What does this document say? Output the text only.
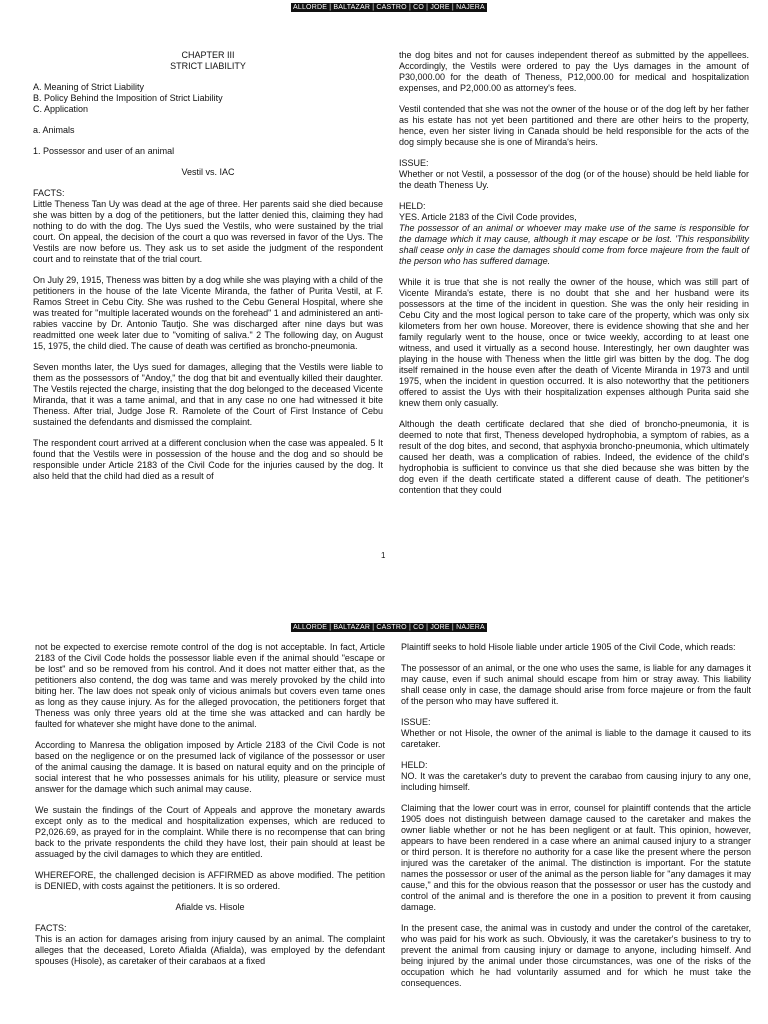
ALLORDE | BALTAZAR | CASTRO | CO | JORE | NAJERA
CHAPTER III

STRICT LIABILITY

A. Meaning of Strict Liability
B. Policy Behind the Imposition of Strict Liability
C. Application

a. Animals

1. Possessor and user of an animal

Vestil vs. IAC

FACTS:

Little Theness Tan Uy was dead at the age of three. Her parents said she died because she was bitten by a dog of the petitioners, but the latter denied this, claiming they had nothing to do with the dog. The Uys sued the Vestils, who were sustained by the trial court. On appeal, the decision of the court a quo was reversed in favor of the Uys. The Vestils are now before us. They ask us to set aside the judgment of the respondent court and to reinstate that of the trial court.

On July 29, 1915, Theness was bitten by a dog while she was playing with a child of the petitioners in the house of the late Vicente Miranda, the father of Purita Vestil, at F. Ramos Street in Cebu City. She was rushed to the Cebu General Hospital, where she was treated for "multiple lacerated wounds on the forehead" 1 and administered an anti-rabies vaccine by Dr. Antonio Tautjo. She was discharged after nine days but was readmitted one week later due to "vomiting of saliva." 2 The following day, on August 15, 1975, the child died. The cause of death was certified as broncho-pneumonia.

Seven months later, the Uys sued for damages, alleging that the Vestils were liable to them as the possessors of "Andoy," the dog that bit and eventually killed their daughter. The Vestils rejected the charge, insisting that the dog belonged to the deceased Vicente Miranda, that it was a tame animal, and that in any case no one had witnessed it bite Theness. After trial, Judge Jose R. Ramolete of the Court of First Instance of Cebu sustained the defendants and dismissed the complaint.

The respondent court arrived at a different conclusion when the case was appealed. 5 It found that the Vestils were in possession of the house and the dog and so should be responsible under Article 2183 of the Civil Code for the injuries caused by the dog. It also held that the child had died as a result of

the dog bites and not for causes independent thereof as submitted by the appellees. Accordingly, the Vestils were ordered to pay the Uys damages in the amount of P30,000.00 for the death of Theness, P12,000.00 for medical and hospitalization expenses, and P2,000.00 as attorney's fees.

Vestil contended that she was not the owner of the house or of the dog left by her father as his estate has not yet been partitioned and there are other heirs to the property, hence, even her sister living in Canada should be held responsible for the acts of the dog simply because she is one of Miranda's heirs.

ISSUE:

Whether or not Vestil, a possessor of the dog (or of the house) should be held liable for the death Theness Uy.

HELD:
YES. Article 2183 of the Civil Code provides,

The possessor of an animal or whoever may make use of the same is responsible for the damage which it may cause, although it may escape or be lost. 'This responsibility shall cease only in case the damages should come from force majeure from the fault of the person who has suffered damage.

While it is true that she is not really the owner of the house, which was still part of Vicente Miranda's estate, there is no doubt that she and her husband were its possessors at the time of the incident in question. She was the only heir residing in Cebu City and the most logical person to take care of the property, which was only six kilometers from her own house. Moreover, there is evidence showing that she and her family regularly went to the house, once or twice weekly, according to at least one witness, and used it virtually as a second house. Interestingly, her own daughter was playing in the house with Theness when the little girl was bitten by the dog. The dog itself remained in the house even after the death of Vicente Miranda in 1973 and until 1975, when the incident in question occurred. It is also noteworthy that the petitioners offered to assist the Uys with their hospitalization expenses although Purita said she knew them only casually.

Although the death certificate declared that she died of broncho-pneumonia, it is deemed to note that first, Theness developed hydrophobia, a symptom of rabies, as a result of the dog bites, and second, that asphyxia broncho-pneumonia, which ultimately caused her death, was a complication of rabies. Indeed, the evidence of the child's hydrophobia is sufficient to convince us that she died because she was bitten by the dog even if the death certificate stated a different cause of death. The petitioner's contention that they could

1
ALLORDE | BALTAZAR | CASTRO | CO | JORE | NAJERA

not be expected to exercise remote control of the dog is not acceptable. In fact, Article 2183 of the Civil Code holds the possessor liable even if the animal should "escape or be lost" and so be removed from his control. And it does not matter either that, as the petitioners also contend, the dog was tame and was merely provoked by the child into biting her. The law does not speak only of vicious animals but covers even tame ones as long as they cause injury. As for the alleged provocation, the petitioners forget that Theness was only three years old at the time she was attacked and can hardly be faulted for whatever she might have done to the animal.

According to Manresa the obligation imposed by Article 2183 of the Civil Code is not based on the negligence or on the presumed lack of vigilance of the possessor or user of the animal causing the damage. It is based on natural equity and on the principle of social interest that he who possesses animals for his utility, pleasure or service must answer for the damage which such animal may cause.

We sustain the findings of the Court of Appeals and approve the monetary awards except only as to the medical and hospitalization expenses, which are reduced to P2,026.69, as prayed for in the complaint. While there is no recompense that can bring back to the private respondents the child they have lost, their pain should at least be assuaged by the civil damages to which they are entitled.

WHEREFORE, the challenged decision is AFFIRMED as above modified. The petition is DENIED, with costs against the petitioners. It is so ordered.

Afialde vs. Hisole

FACTS:

This is an action for damages arising from injury caused by an animal. The complaint alleges that the deceased, Loreto Afialda (Afialda), was employed by the defendant spouses (Hisole), as caretaker of their carabaos at a fixed

Plaintiff seeks to hold Hisole liable under article 1905 of the Civil Code, which reads:

The possessor of an animal, or the one who uses the same, is liable for any damages it may cause, even if such animal should escape from him or stray away. This liability shall cease only in case, the damage should arise from force majeure or from the fault of the person who may have suffered it.

ISSUE:

Whether or not Hisole, the owner of the animal is liable to the damage it caused to its caretaker.

HELD:

NO. It was the caretaker's duty to prevent the carabao from causing injury to any one, including himself.

Claiming that the lower court was in error, counsel for plaintiff contends that the article 1905 does not distinguish between damage caused to the caretaker and makes the owner liable whether or not he has been negligent or at fault. This opinion, however, appears to have been rendered in a case where an animal caused injury to a stranger or third person. It is therefore no authority for a case like the present where the person injured was the caretaker of the animal. The distinction is important. For the statute names the possessor or user of the animal as the person liable for "any damages it may cause," and this for the obvious reason that the possessor or user has the custody and control of the animal and is therefore the one in a position to prevent it from causing damage.

In the present case, the animal was in custody and under the control of the caretaker, who was paid for his work as such. Obviously, it was the caretaker's business to try to prevent the animal from causing injury or damage to anyone, including himself. And being injured by the animal under those circumstances, was one of the risks of the occupation which he had voluntarily assumed and for which he must take the consequences.
